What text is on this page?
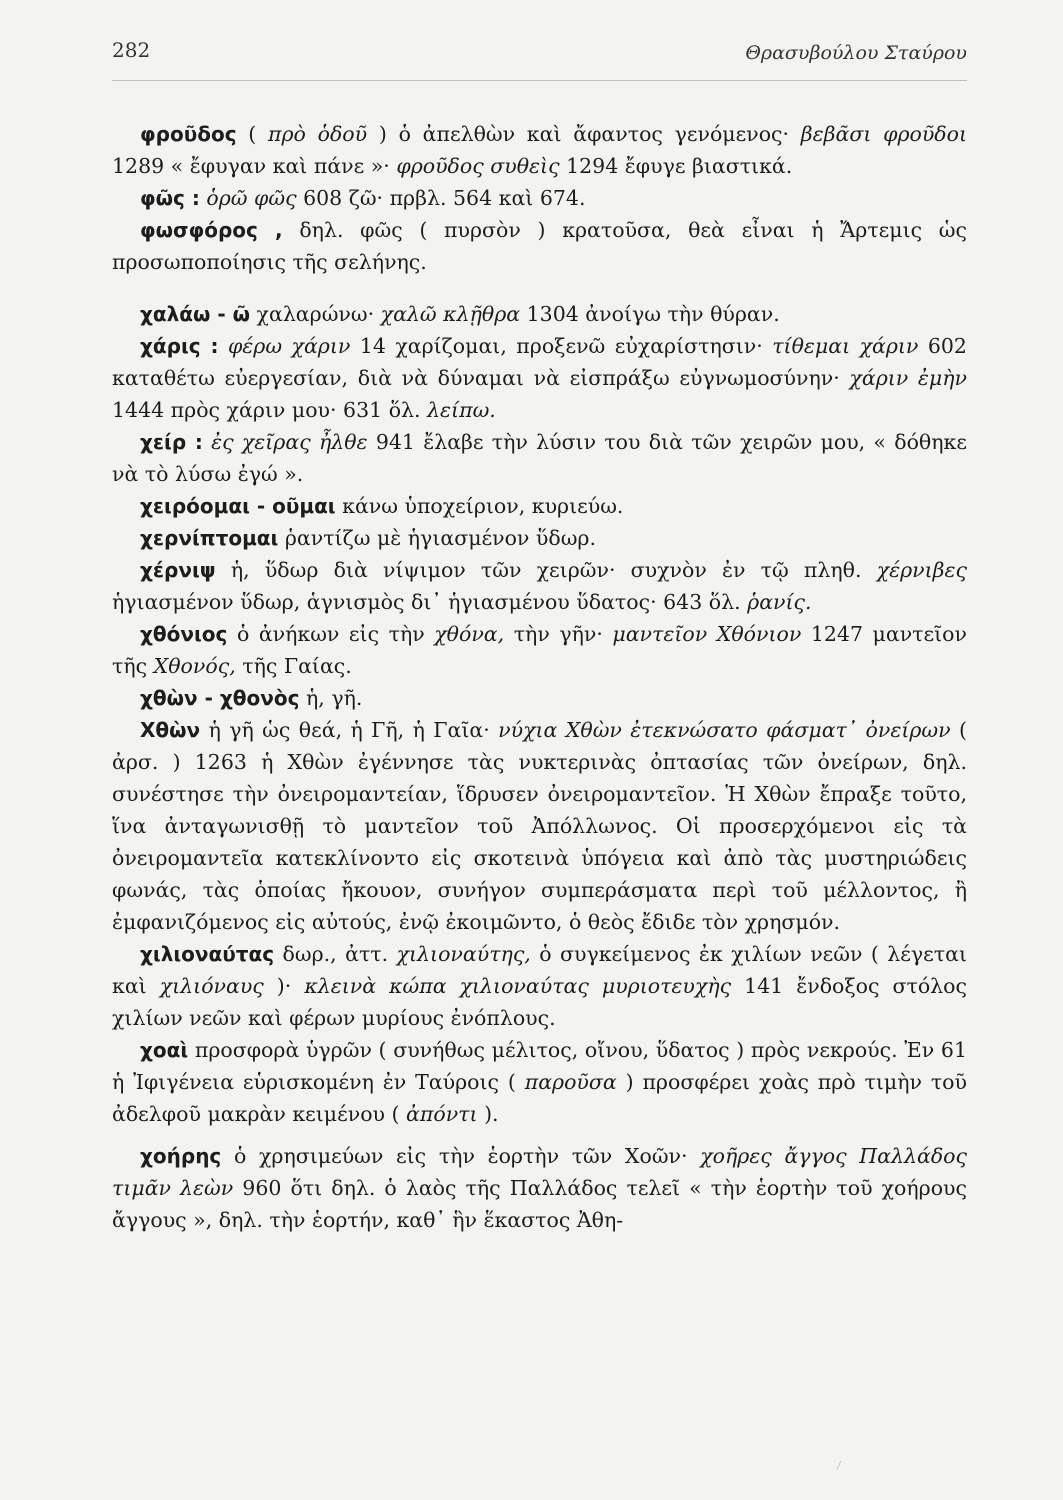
282	Θρασυβούλου Σταύρου

φροῦδος ( πρὸ ὁδοῦ ) ὁ ἀπελθὼν καὶ ἄφαντος γενόμενος· βεβᾶσι φροῦδοι 1289 « ἔφυγαν καὶ πάνε »· φροῦδος συθεὶς 1294 ἔφυγε βιαστικά.

φῶς : ὁρῶ φῶς 608 ζῶ· πρβλ. 564 καὶ 674.

φωσφόρος , δηλ. φῶς ( πυρσὸν ) κρατοῦσα, θεὰ εἶναι ἡ Ἄρτεμις ὡς προσωποποίησις τῆς σελήνης.

χαλάω - ῶ χαλαρώνω· χαλῶ κλῇθρα 1304 ἀνοίγω τὴν θύραν.

χάρις : φέρω χάριν 14 χαρίζομαι, προξενῶ εὐχαρίστησιν· τίθεμαι χάριν 602 καταθέτω εὐεργεσίαν, διὰ νὰ δύναμαι νὰ εἰσπράξω εὐγνωμοσύνην· χάριν ἐμὴν 1444 πρὸς χάριν μου· 631 ὅλ. λείπω.

χείρ : ἐς χεῖρας ἦλθε 941 ἔλαβε τὴν λύσιν του διὰ τῶν χειρῶν μου, « δόθηκε νὰ τὸ λύσω ἐγώ ».

χειρόομαι - οῦμαι κάνω ὑποχείριον, κυριεύω.

χερνίπτομαι ῥαντίζω μὲ ἡγιασμένον ὕδωρ.

χέρνιψ ἡ, ὕδωρ διὰ νίψιμον τῶν χειρῶν· συχνὸν ἐν τῷ πληθ. χέρνιβες ἡγιασμένον ὕδωρ, ἁγνισμὸς δι᾽ ἡγιασμένου ὕδατος· 643 ὅλ. ῥανίς.

χθόνιος ὁ ἀνήκων εἰς τὴν χθόνα, τὴν γῆν· μαντεῖον Χθόνιον 1247 μαντεῖον τῆς Χθονός, τῆς Γαίας.

χθὼν - χθονὸς ἡ, γῆ.

Χθὼν ἡ γῆ ὡς θεά, ἡ Γῆ, ἡ Γαῖα· νύχια Χθὼν ἐτεκνώσατο φάσματ᾽ ὀνείρων ( ἀρσ. ) 1263 ἡ Χθὼν ἐγέννησε τὰς νυκτερινὰς ὀπτασίας τῶν ὀνείρων, δηλ. συνέστησε τὴν ὀνειρομαντείαν, ἵδρυσεν ὀνειρομαντεῖον. Ἡ Χθὼν ἔπραξε τοῦτο, ἵνα ἀνταγωνισθῇ τὸ μαντεῖον τοῦ Ἀπόλλωνος. Οἱ προσερχόμενοι εἰς τὰ ὀνειρομαντεῖα κατεκλίνοντο εἰς σκοτεινὰ ὑπόγεια καὶ ἀπὸ τὰς μυστηριώδεις φωνάς, τὰς ὁποίας ἤκουον, συνήγον συμπεράσματα περὶ τοῦ μέλλοντος, ἢ ἐμφανιζόμενος εἰς αὐτούς, ἐνῷ ἐκοιμῶντο, ὁ θεὸς ἔδιδε τὸν χρησμόν.

χιλιοναύτας δωρ., ἀττ. χιλιοναύτης, ὁ συγκείμενος ἐκ χιλίων νεῶν ( λέγεται καὶ χιλιόναυς )· κλεινὰ κώπα χιλιοναύτας μυριοτευχὴς 141 ἔνδοξος στόλος χιλίων νεῶν καὶ φέρων μυρίους ἐνόπλους.

χοαὶ προσφορὰ ὑγρῶν ( συνήθως μέλιτος, οἴνου, ὕδατος ) πρὸς νεκρούς. Ἐν 61 ἡ Ἰφιγένεια εὑρισκομένη ἐν Ταύροις ( παροῦσα ) προσφέρει χοὰς πρὸ τιμὴν τοῦ ἀδελφοῦ μακρὰν κειμένου ( ἀπόντι ).

χοήρης ὁ χρησιμεύων εἰς τὴν ἑορτὴν τῶν Χοῶν· χοῆρες ἄγγος Παλλάδος τιμᾶν λεὼν 960 ὅτι δηλ. ὁ λαὸς τῆς Παλλάδος τελεῖ « τὴν ἑορτὴν τοῦ χοήρους ἄγγους », δηλ. τὴν ἑορτήν, καθ᾽ ἣν ἕκαστος Ἀθη-
